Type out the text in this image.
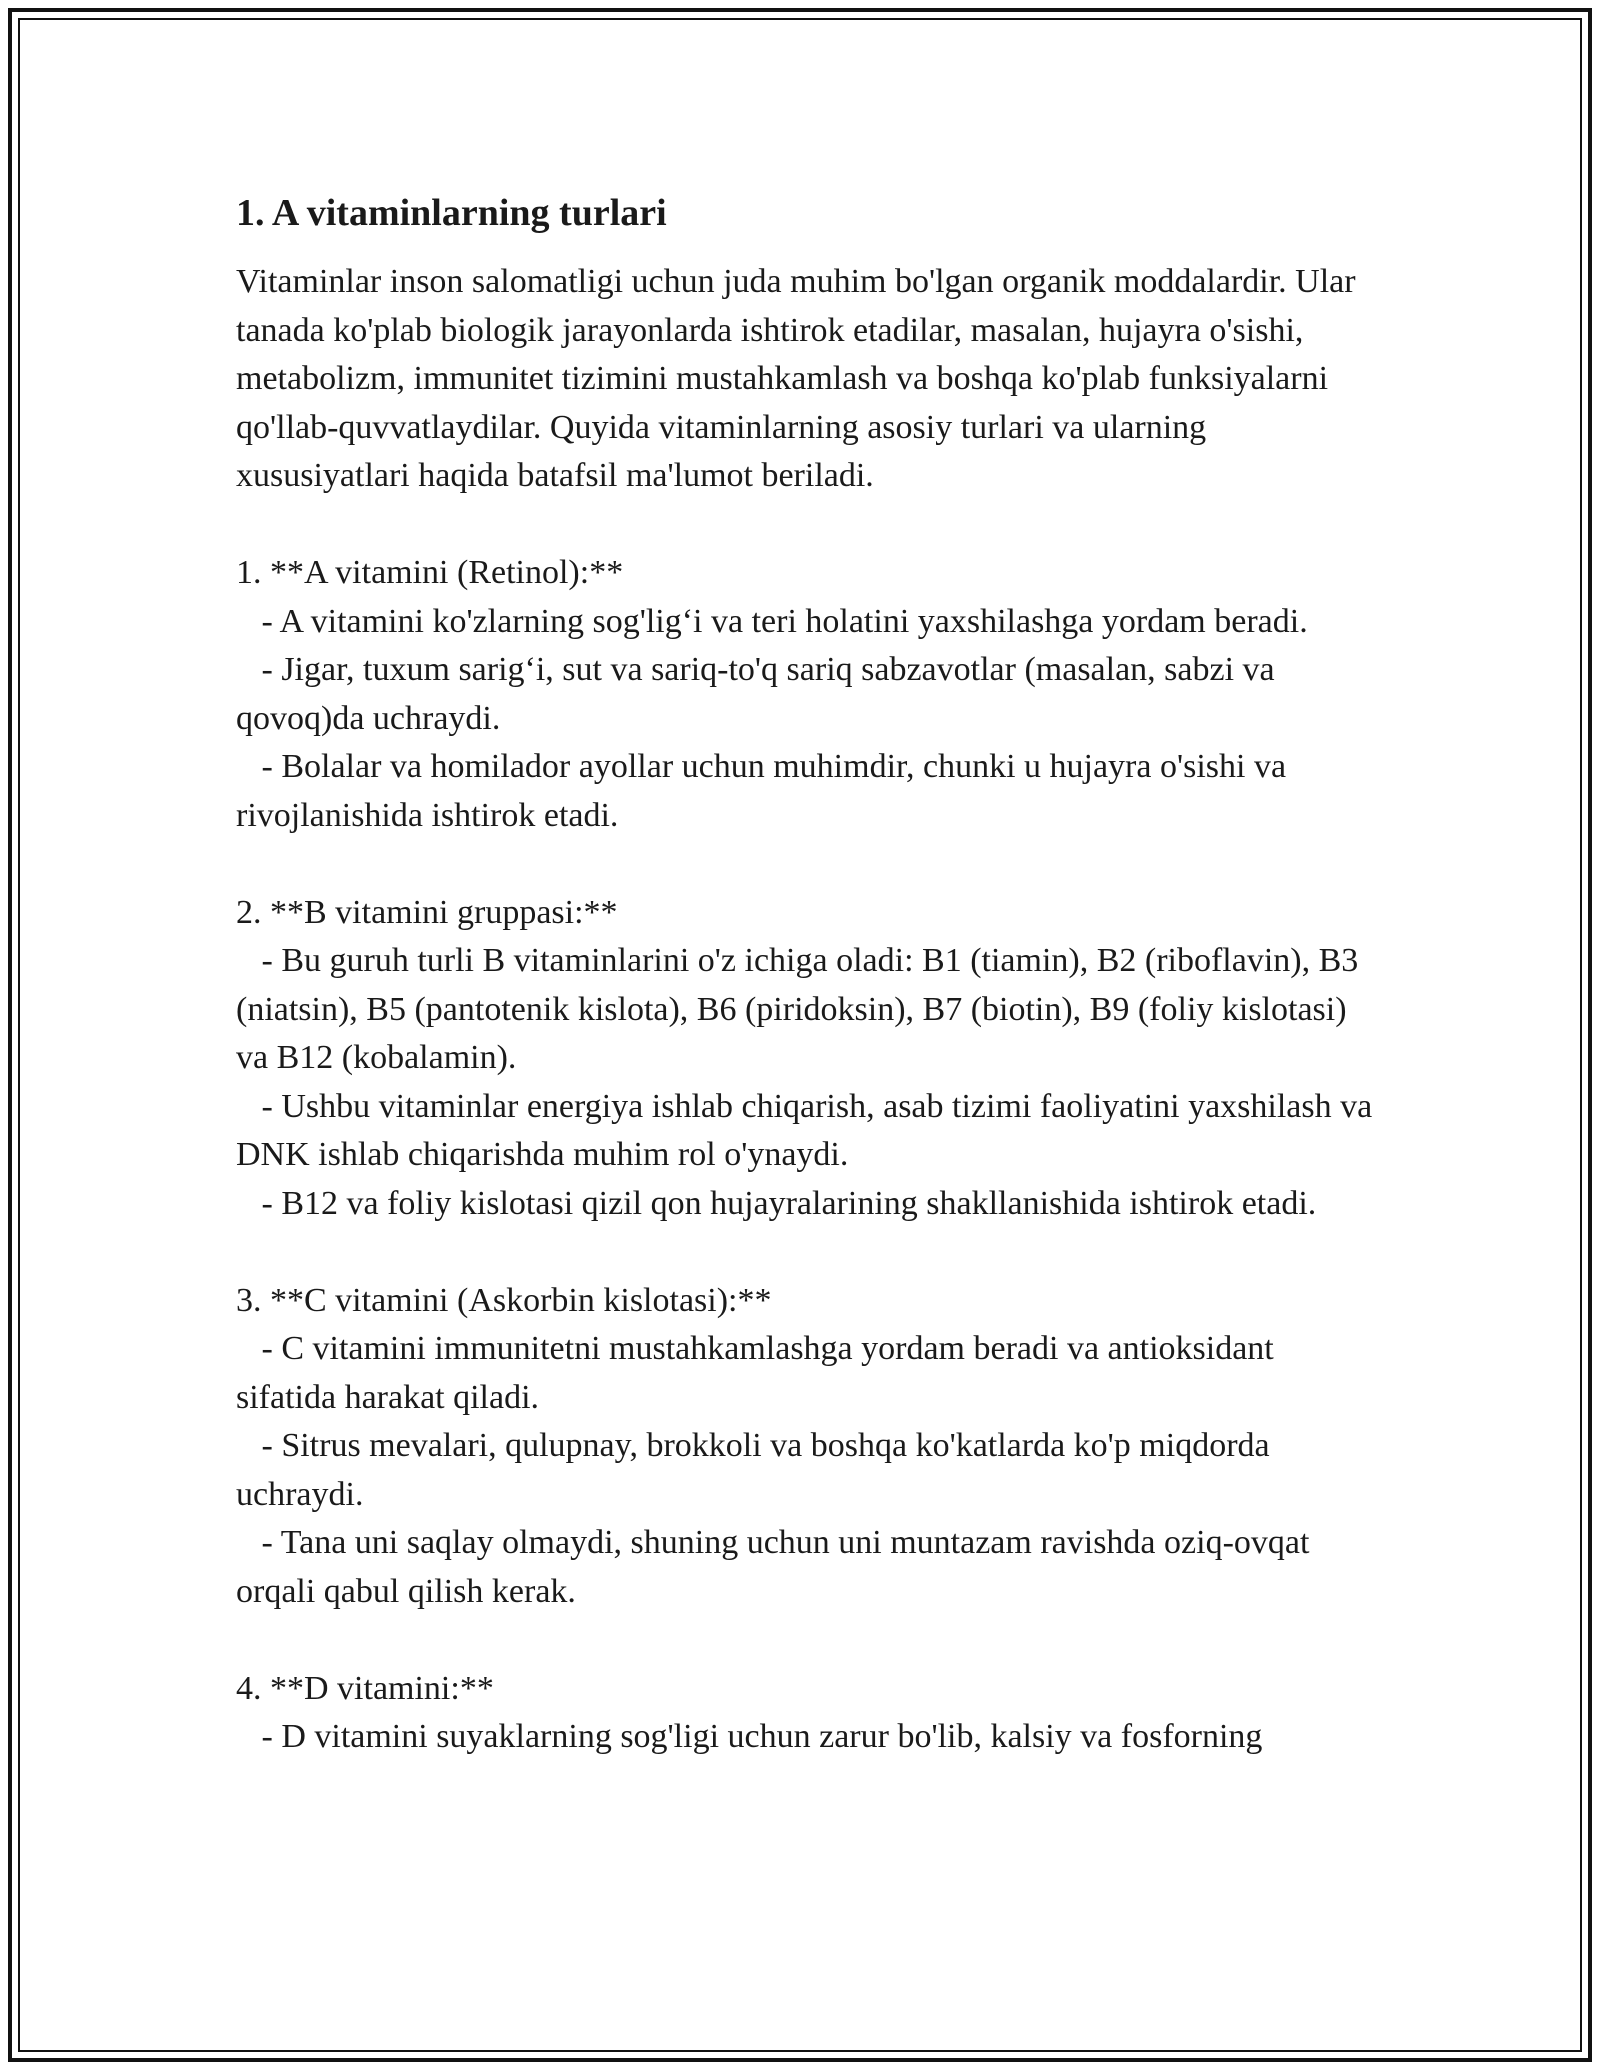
1. A vitaminlarning turlari

Vitaminlar inson salomatligi uchun juda muhim bo'lgan organik moddalardir. Ular tanada ko'plab biologik jarayonlarda ishtirok etadilar, masalan, hujayra o'sishi, metabolizm, immunitet tizimini mustahkamlash va boshqa ko'plab funksiyalarni qo'llab-quvvatlaydilar. Quyida vitaminlarning asosiy turlari va ularning xususiyatlari haqida batafsil ma'lumot beriladi.

1. **A vitamini (Retinol):**

- A vitamini ko'zlarning sog'lig‘i va teri holatini yaxshilashga yordam beradi.
- Jigar, tuxum sarig‘i, sut va sariq-to'q sariq sabzavotlar (masalan, sabzi va qovoq)da uchraydi.
- Bolalar va homilador ayollar uchun muhimdir, chunki u hujayra o'sishi va rivojlanishida ishtirok etadi.

2. **B vitamini gruppasi:**

- Bu guruh turli B vitaminlarini o'z ichiga oladi: B1 (tiamin), B2 (riboflavin), B3 (niatsin), B5 (pantotenik kislota), B6 (piridoksin), B7 (biotin), B9 (foliy kislotasi) va B12 (kobalamin).
- Ushbu vitaminlar energiya ishlab chiqarish, asab tizimi faoliyatini yaxshilash va DNK ishlab chiqarishda muhim rol o'ynaydi.
- B12 va foliy kislotasi qizil qon hujayralarining shakllanishida ishtirok etadi.

3. **C vitamini (Askorbin kislotasi):**

- C vitamini immunitetni mustahkamlashga yordam beradi va antioksidant sifatida harakat qiladi.
- Sitrus mevalari, qulupnay, brokkoli va boshqa ko'katlarda ko'p miqdorda uchraydi.
- Tana uni saqlay olmaydi, shuning uchun uni muntazam ravishda oziq-ovqat orqali qabul qilish kerak.

4. **D vitamini:**

- D vitamini suyaklarning sog'ligi uchun zarur bo'lib, kalsiy va fosforning
